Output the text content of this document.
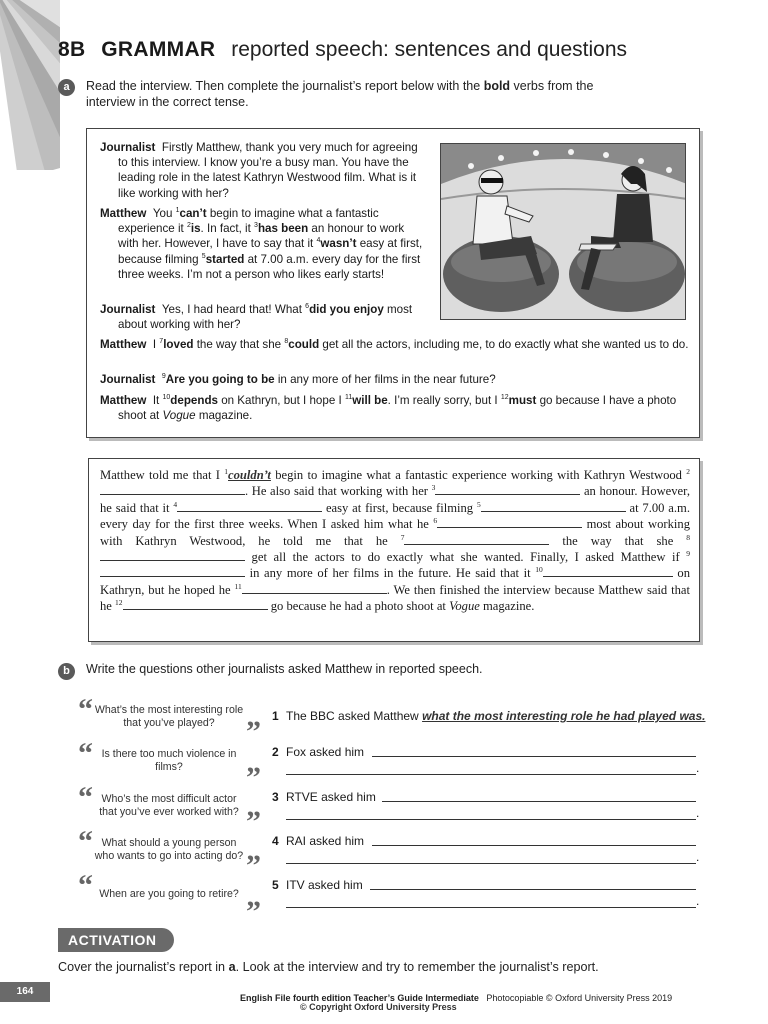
8B GRAMMAR reported speech: sentences and questions
a	Read the interview. Then complete the journalist’s report below with the bold verbs from the
interview in the correct tense.
Journalist Firstly Matthew, thank you very much for agreeing to this interview. I know you’re a busy man. You have the leading role in the latest Kathryn Westwood film. What is it like working with her?
Matthew You $^1$can’t begin to imagine what a fantastic experience it $^2$is. In fact, it $^3$has been an honour to work with her. However, I have to say that it $^4$wasn’t easy at first, because filming $^5$started at 7.00 a.m. every day for the first three weeks. I’m not a person who likes early starts!
Journalist Yes, I had heard that! What $^6$did you enjoy most about working with her?
Matthew I $^7$loved the way that she $^8$could get all the actors, including me, to do exactly what she wanted us to do.
Journalist $^9$Are you going to be in any more of her films in the near future?
Matthew It $^{10}$depends on Kathryn, but I hope I $^{11}$will be. I’m really sorry, but I $^{12}$must go because I have a photo shoot at Vogue magazine.
Matthew told me that I $^1$couldn’t begin to imagine what a fantastic experience working with Kathryn Westwood $^2$. He also said that working with her $^3$	an honour. However, he said that it $^4$	easy at first, because filming $^5$	at 7.00 a.m. every day for the first three weeks. When I asked him what he $^6$	most about working with Kathryn Westwood, he told me that he $^7$	the way that she $^8$ get all the actors to do exactly what she wanted. Finally, I asked Matthew if $^9$ in any more of her films in the future. He said that it $^{10}$	on Kathryn, but he hoped he $^{11}$	. We then finished the interview because Matthew said that he $^{12}$	go because he had a photo shoot at Vogue magazine.
b	Write the questions other journalists asked Matthew in reported speech.
“ What’s the most interesting role that you’ve played?	” 1 The BBC asked Matthew what the most interesting role he had played was.
“ Is there too much violence in films?	”
2 Fox asked him
.
“ Who’s the most difficult actor that you’ve ever worked with? ”
3 RTVE asked him
.
“ What should a young person who wants to go into acting do? ”
4 RAI asked him
.
“ When are you going to retire?
”
5 ITV asked him
.
ACTIVATION
Cover the journalist’s report in a. Look at the interview and try to remember the journalist’s report.
164
English File fourth edition Teacher’s Guide Intermediate Photocopiable © Oxford University Press 2019
© Copyright Oxford University Press
